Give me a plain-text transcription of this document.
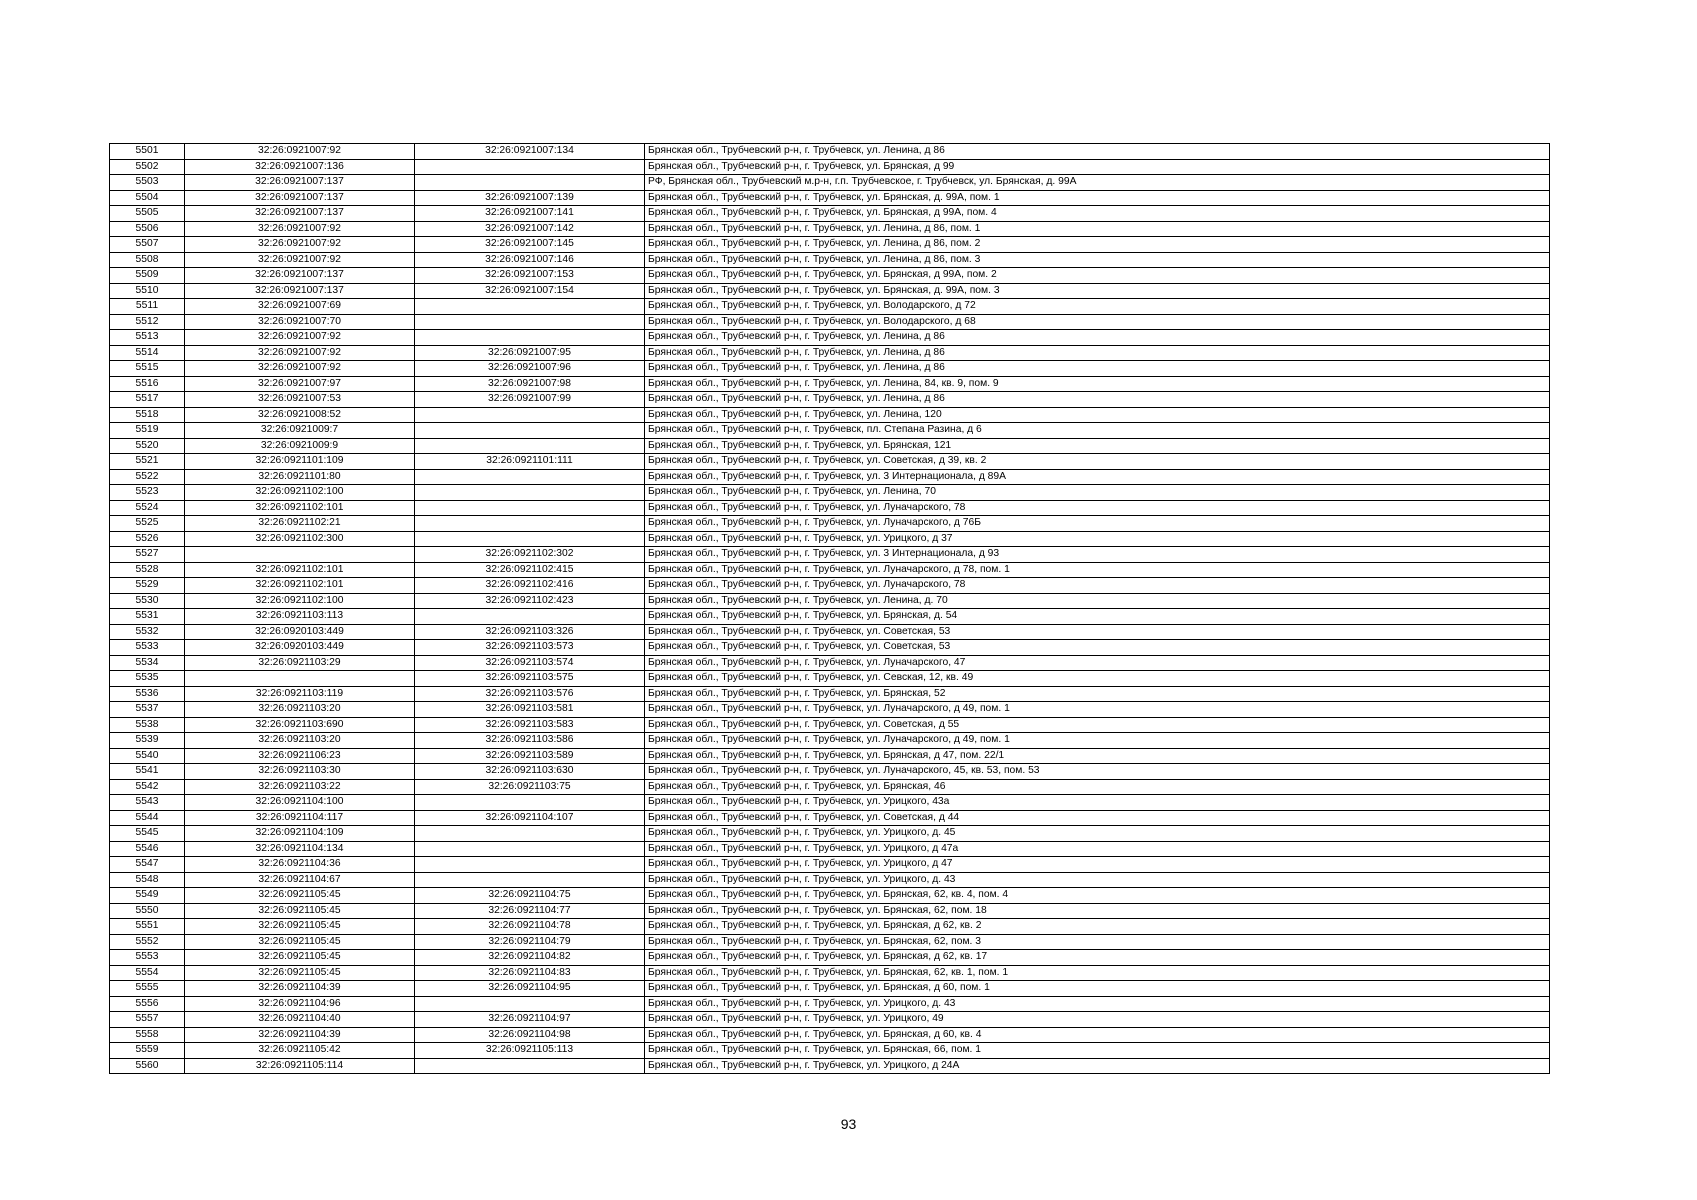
5501	32:26:0921007:92	32:26:0921007:134	Брянская обл., Трубчевский р-н, г. Трубчевск, ул. Ленина, д 86
5502	32:26:0921007:136		Брянская обл., Трубчевский р-н, г. Трубчевск, ул. Брянская, д 99
5503	32:26:0921007:137		РФ, Брянская обл., Трубчевский м.р-н, г.п. Трубчевское, г. Трубчевск, ул. Брянская, д. 99А
5504	32:26:0921007:137	32:26:0921007:139	Брянская обл., Трубчевский р-н, г. Трубчевск, ул. Брянская, д. 99А, пом. 1
5505	32:26:0921007:137	32:26:0921007:141	Брянская обл., Трубчевский р-н, г. Трубчевск, ул. Брянская, д 99А, пом. 4
5506	32:26:0921007:92	32:26:0921007:142	Брянская обл., Трубчевский р-н, г. Трубчевск, ул. Ленина, д 86, пом. 1
5507	32:26:0921007:92	32:26:0921007:145	Брянская обл., Трубчевский р-н, г. Трубчевск, ул. Ленина, д 86, пом. 2
5508	32:26:0921007:92	32:26:0921007:146	Брянская обл., Трубчевский р-н, г. Трубчевск, ул. Ленина, д 86, пом. 3
5509	32:26:0921007:137	32:26:0921007:153	Брянская обл., Трубчевский р-н, г. Трубчевск, ул. Брянская, д 99А, пом. 2
5510	32:26:0921007:137	32:26:0921007:154	Брянская обл., Трубчевский р-н, г. Трубчевск, ул. Брянская, д. 99А, пом. 3
5511	32:26:0921007:69		Брянская обл., Трубчевский р-н, г. Трубчевск, ул. Володарского, д 72
5512	32:26:0921007:70		Брянская обл., Трубчевский р-н, г. Трубчевск, ул. Володарского, д 68
5513	32:26:0921007:92		Брянская обл., Трубчевский р-н, г. Трубчевск, ул. Ленина, д 86
5514	32:26:0921007:92	32:26:0921007:95	Брянская обл., Трубчевский р-н, г. Трубчевск, ул. Ленина, д 86
5515	32:26:0921007:92	32:26:0921007:96	Брянская обл., Трубчевский р-н, г. Трубчевск, ул. Ленина, д 86
5516	32:26:0921007:97	32:26:0921007:98	Брянская обл., Трубчевский р-н, г. Трубчевск, ул. Ленина, 84, кв. 9, пом. 9
5517	32:26:0921007:53	32:26:0921007:99	Брянская обл., Трубчевский р-н, г. Трубчевск, ул. Ленина, д 86
5518	32:26:0921008:52		Брянская обл., Трубчевский р-н, г. Трубчевск, ул. Ленина, 120
5519	32:26:0921009:7		Брянская обл., Трубчевский р-н, г. Трубчевск, пл. Степана Разина, д 6
5520	32:26:0921009:9		Брянская обл., Трубчевский р-н, г. Трубчевск, ул. Брянская, 121
5521	32:26:0921101:109	32:26:0921101:111	Брянская обл., Трубчевский р-н, г. Трубчевск, ул. Советская, д 39, кв. 2
5522	32:26:0921101:80		Брянская обл., Трубчевский р-н, г. Трубчевск, ул. 3 Интернационала, д 89А
5523	32:26:0921102:100		Брянская обл., Трубчевский р-н, г. Трубчевск, ул. Ленина, 70
5524	32:26:0921102:101		Брянская обл., Трубчевский р-н, г. Трубчевск, ул. Луначарского, 78
5525	32:26:0921102:21		Брянская обл., Трубчевский р-н, г. Трубчевск, ул. Луначарского, д 76Б
5526	32:26:0921102:300		Брянская обл., Трубчевский р-н, г. Трубчевск, ул. Урицкого, д 37
5527		32:26:0921102:302	Брянская обл., Трубчевский р-н, г. Трубчевск, ул. 3 Интернационала, д 93
5528	32:26:0921102:101	32:26:0921102:415	Брянская обл., Трубчевский р-н, г. Трубчевск, ул. Луначарского, д 78, пом. 1
5529	32:26:0921102:101	32:26:0921102:416	Брянская обл., Трубчевский р-н, г. Трубчевск, ул. Луначарского, 78
5530	32:26:0921102:100	32:26:0921102:423	Брянская обл., Трубчевский р-н, г. Трубчевск, ул. Ленина, д. 70
5531	32:26:0921103:113		Брянская обл., Трубчевский р-н, г. Трубчевск, ул. Брянская, д. 54
5532	32:26:0920103:449	32:26:0921103:326	Брянская обл., Трубчевский р-н, г. Трубчевск, ул. Советская, 53
5533	32:26:0920103:449	32:26:0921103:573	Брянская обл., Трубчевский р-н, г. Трубчевск, ул. Советская, 53
5534	32:26:0921103:29	32:26:0921103:574	Брянская обл., Трубчевский р-н, г. Трубчевск, ул. Луначарского, 47
5535		32:26:0921103:575	Брянская обл., Трубчевский р-н, г. Трубчевск, ул. Севская, 12, кв. 49
5536	32:26:0921103:119	32:26:0921103:576	Брянская обл., Трубчевский р-н, г. Трубчевск, ул. Брянская, 52
5537	32:26:0921103:20	32:26:0921103:581	Брянская обл., Трубчевский р-н, г. Трубчевск, ул. Луначарского, д 49, пом. 1
5538	32:26:0921103:690	32:26:0921103:583	Брянская обл., Трубчевский р-н, г. Трубчевск, ул. Советская, д 55
5539	32:26:0921103:20	32:26:0921103:586	Брянская обл., Трубчевский р-н, г. Трубчевск, ул. Луначарского, д 49, пом. 1
5540	32:26:0921106:23	32:26:0921103:589	Брянская обл., Трубчевский р-н, г. Трубчевск, ул. Брянская, д 47, пом. 22/1
5541	32:26:0921103:30	32:26:0921103:630	Брянская обл., Трубчевский р-н, г. Трубчевск, ул. Луначарского, 45, кв. 53, пом. 53
5542	32:26:0921103:22	32:26:0921103:75	Брянская обл., Трубчевский р-н, г. Трубчевск, ул. Брянская, 46
5543	32:26:0921104:100		Брянская обл., Трубчевский р-н, г. Трубчевск, ул. Урицкого, 43а
5544	32:26:0921104:117	32:26:0921104:107	Брянская обл., Трубчевский р-н, г. Трубчевск, ул. Советская, д 44
5545	32:26:0921104:109		Брянская обл., Трубчевский р-н, г. Трубчевск, ул. Урицкого, д. 45
5546	32:26:0921104:134		Брянская обл., Трубчевский р-н, г. Трубчевск, ул. Урицкого, д 47а
5547	32:26:0921104:36		Брянская обл., Трубчевский р-н, г. Трубчевск, ул. Урицкого, д 47
5548	32:26:0921104:67		Брянская обл., Трубчевский р-н, г. Трубчевск, ул. Урицкого, д. 43
5549	32:26:0921105:45	32:26:0921104:75	Брянская обл., Трубчевский р-н, г. Трубчевск, ул. Брянская, 62, кв. 4, пом. 4
5550	32:26:0921105:45	32:26:0921104:77	Брянская обл., Трубчевский р-н, г. Трубчевск, ул. Брянская, 62, пом. 18
5551	32:26:0921105:45	32:26:0921104:78	Брянская обл., Трубчевский р-н, г. Трубчевск, ул. Брянская, д 62, кв. 2
5552	32:26:0921105:45	32:26:0921104:79	Брянская обл., Трубчевский р-н, г. Трубчевск, ул. Брянская, 62, пом. 3
5553	32:26:0921105:45	32:26:0921104:82	Брянская обл., Трубчевский р-н, г. Трубчевск, ул. Брянская, д 62, кв. 17
5554	32:26:0921105:45	32:26:0921104:83	Брянская обл., Трубчевский р-н, г. Трубчевск, ул. Брянская, 62, кв. 1, пом. 1
5555	32:26:0921104:39	32:26:0921104:95	Брянская обл., Трубчевский р-н, г. Трубчевск, ул. Брянская, д 60, пом. 1
5556	32:26:0921104:96		Брянская обл., Трубчевский р-н, г. Трубчевск, ул. Урицкого, д. 43
5557	32:26:0921104:40	32:26:0921104:97	Брянская обл., Трубчевский р-н, г. Трубчевск, ул. Урицкого, 49
5558	32:26:0921104:39	32:26:0921104:98	Брянская обл., Трубчевский р-н, г. Трубчевск, ул. Брянская, д 60, кв. 4
5559	32:26:0921105:42	32:26:0921105:113	Брянская обл., Трубчевский р-н, г. Трубчевск, ул. Брянская, 66, пом. 1
5560	32:26:0921105:114		Брянская обл., Трубчевский р-н, г. Трубчевск, ул. Урицкого, д 24А
93
